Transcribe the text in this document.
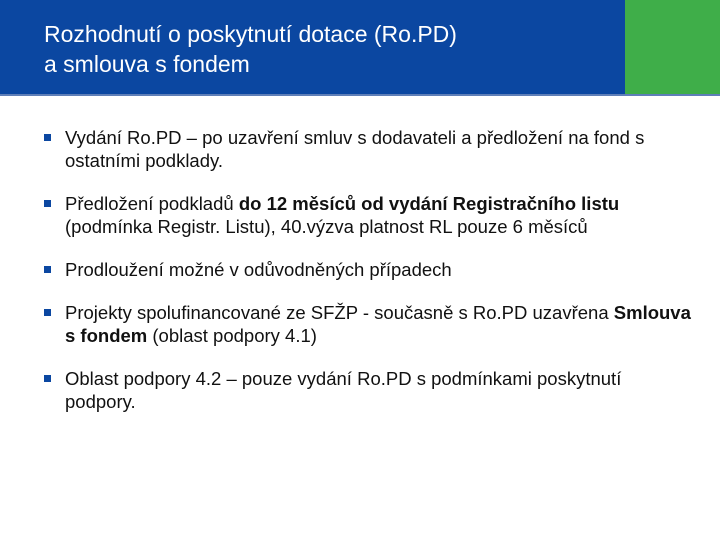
Rozhodnutí o poskytnutí dotace (Ro.PD)
a smlouva s fondem
Vydání Ro.PD – po uzavření smluv s dodavateli a předložení na fond s ostatními podklady.
Předložení podkladů do 12 měsíců od vydání Registračního listu (podmínka Registr. Listu), 40.výzva platnost RL pouze 6 měsíců
Prodloužení možné v odůvodněných případech
Projekty spolufinancované ze SFŽP - současně s Ro.PD uzavřena Smlouva s fondem (oblast podpory 4.1)
Oblast podpory 4.2 – pouze vydání Ro.PD s podmínkami poskytnutí podpory.
